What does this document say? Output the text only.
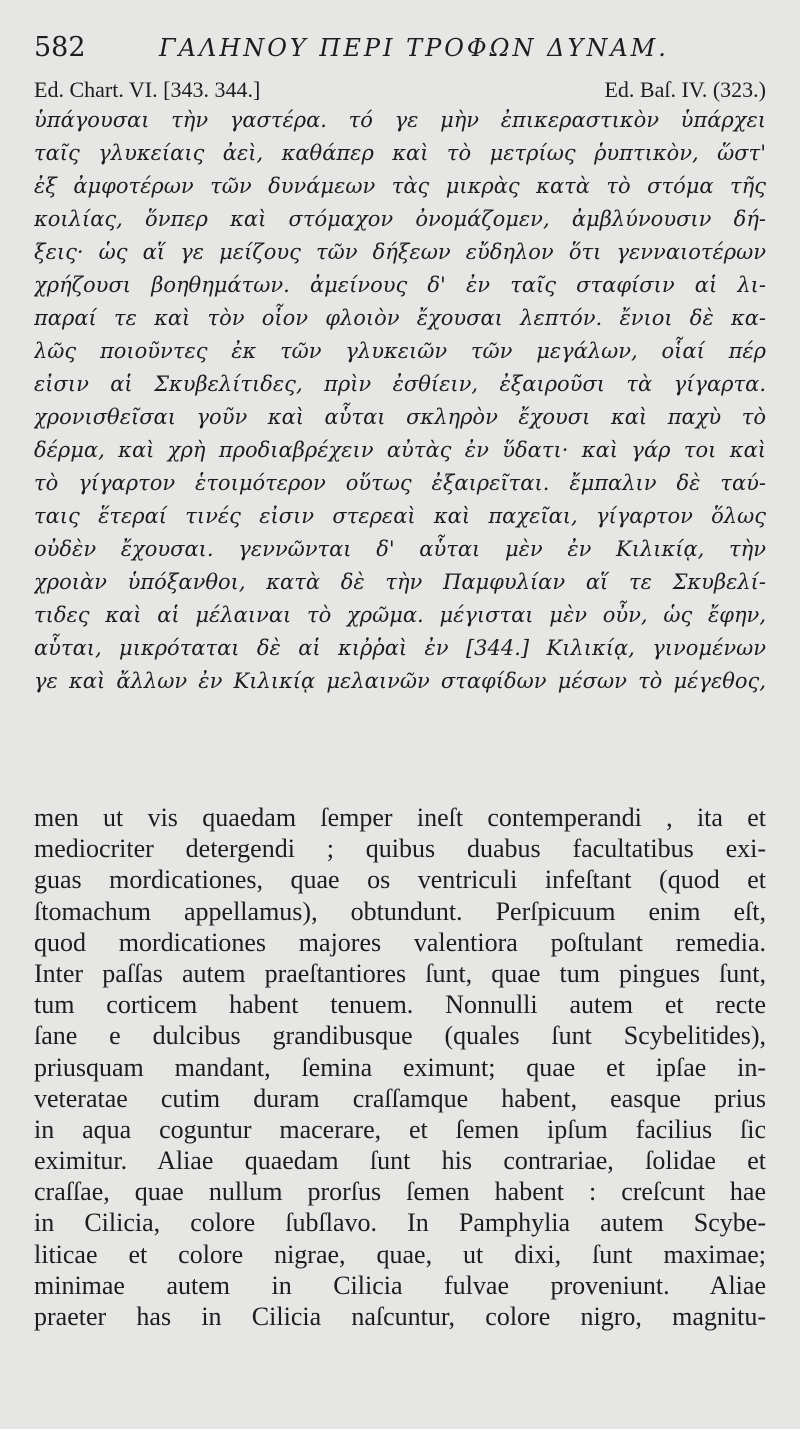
582	ΓΑΛΗΝΟΥ ΠΕΡΙ ΤΡΟΦΩΝ ΔΥΝΑΜ.
Ed. Chart. VI. [343. 344.]	Ed. Baſ. IV. (323.)
ὑπάγουσαι τὴν γαστέρα. τό γε μὴν ἐπικεραστικὸν ὑπάρχει
ταῖς γλυκείαις ἀεὶ, καθάπερ καὶ τὸ μετρίως ῥυπτικὸν, ὥστ'
ἐξ ἀμφοτέρων τῶν δυνάμεων τὰς μικρὰς κατὰ τὸ στόμα τῆς
κοιλίας, ὅνπερ καὶ στόμαχον ὀνομάζομεν, ἀμβλύνουσιν δή-
ξεις· ὡς αἵ γε μείζους τῶν δήξεων εὔδηλον ὅτι γενναιοτέρων
χρήζουσι βοηθημάτων. ἀμείνους δ' ἐν ταῖς σταφίσιν αἱ λι-
παραί τε καὶ τὸν οἷον φλοιὸν ἔχουσαι λεπτόν. ἔνιοι δὲ κα-
λῶς ποιοῦντες ἐκ τῶν γλυκειῶν τῶν μεγάλων, οἷαί πέρ
εἰσιν αἱ Σκυβελίτιδες, πρὶν ἐσθίειν, ἐξαιροῦσι τὰ γίγαρτα.
χρονισθεῖσαι γοῦν καὶ αὗται σκληρὸν ἔχουσι καὶ παχὺ τὸ
δέρμα, καὶ χρὴ προδιαβρέχειν αὐτὰς ἐν ὕδατι· καὶ γάρ τοι καὶ
τὸ γίγαρτον ἑτοιμότερον οὕτως ἐξαιρεῖται. ἔμπαλιν δὲ ταύ-
ταις ἕτεραί τινές εἰσιν στερεαὶ καὶ παχεῖαι, γίγαρτον ὅλως
οὐδὲν ἔχουσαι. γεννῶνται δ' αὗται μὲν ἐν Κιλικίᾳ, τὴν
χροιὰν ὑπόξανθοι, κατὰ δὲ τὴν Παμφυλίαν αἵ τε Σκυβελί-
τιδες καὶ αἱ μέλαιναι τὸ χρῶμα. μέγισται μὲν οὖν, ὡς ἔφην,
αὗται, μικρόταται δὲ αἱ κιῤῥαὶ ἐν [344.] Κιλικίᾳ, γινομένων
γε καὶ ἄλλων ἐν Κιλικίᾳ μελαινῶν σταφίδων μέσων τὸ μέγεθος,
men ut vis quaedam ſemper ineſt contemperandi , ita et
mediocriter detergendi ; quibus duabus facultatibus exi-
guas mordicationes, quae os ventriculi infeſtant (quod et
ſtomachum appellamus), obtundunt. Perſpicuum enim eſt,
quod mordicationes majores valentiora poſtulant remedia.
Inter paſſas autem praeſtantiores ſunt, quae tum pingues ſunt,
tum corticem habent tenuem. Nonnulli autem et recte
ſane e dulcibus grandibusque (quales ſunt Scybelitides),
priusquam mandant, ſemina eximunt; quae et ipſae in-
veteratae cutim duram craſſamque habent, easque prius
in aqua coguntur macerare, et ſemen ipſum facilius ſic
eximitur. Aliae quaedam ſunt his contrariae, ſolidae et
craſſae, quae nullum prorſus ſemen habent : creſcunt hae
in Cilicia, colore ſubſlavo. In Pamphylia autem Scybe-
liticae et colore nigrae, quae, ut dixi, ſunt maximae;
minimae autem in Cilicia fulvae proveniunt. Aliae
praeter has in Cilicia naſcuntur, colore nigro, magnitu-
